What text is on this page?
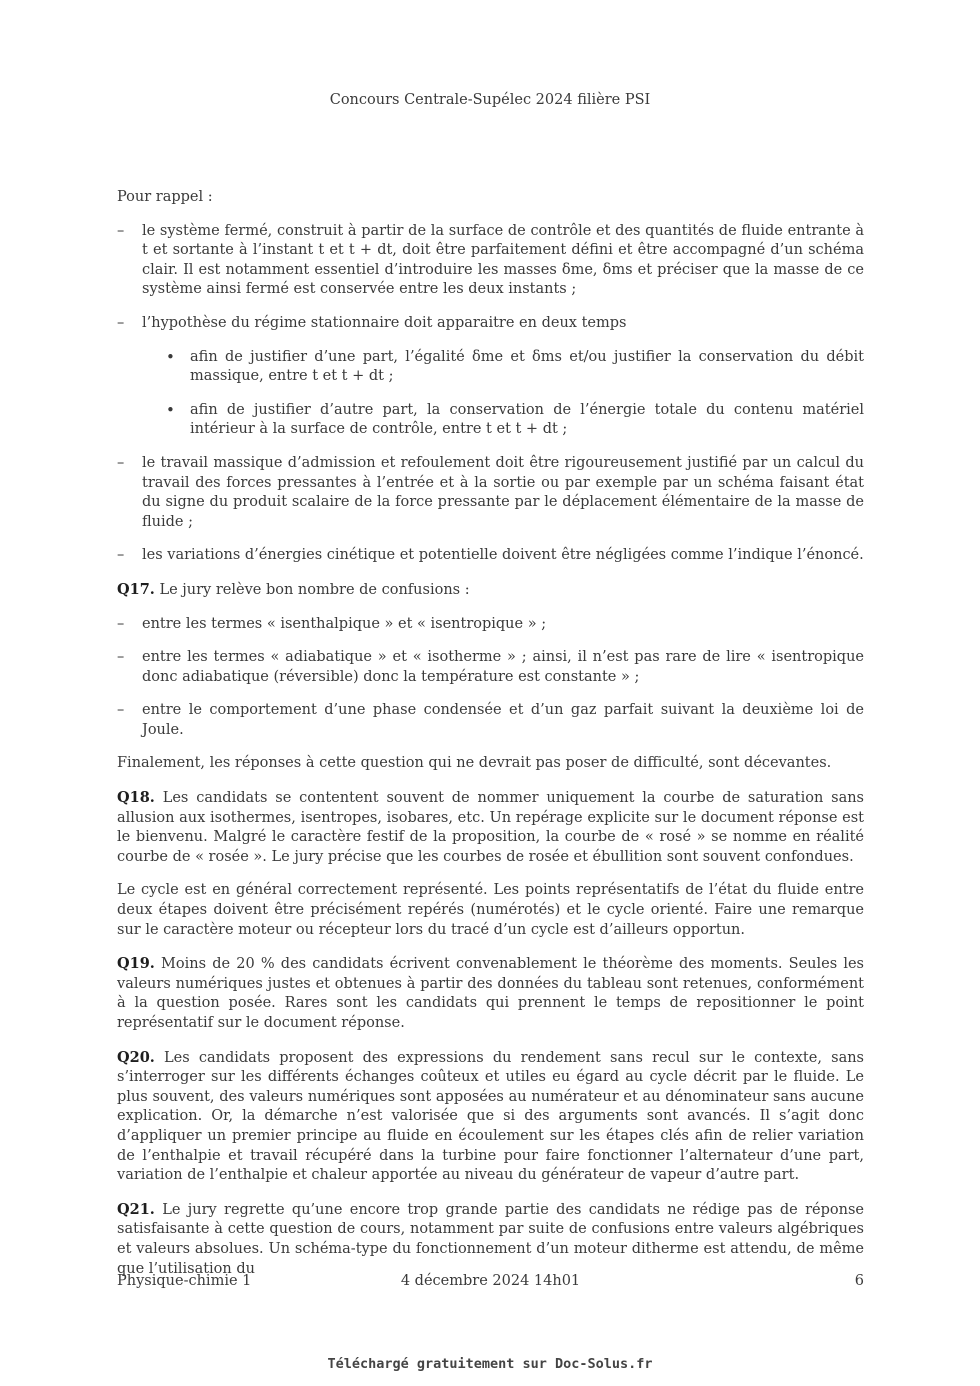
Concours Centrale-Supélec 2024 filière PSI

Pour rappel :

– le système fermé, construit à partir de la surface de contrôle et des quantités de fluide entrante à t et sortante à l’instant t et t + dt, doit être parfaitement défini et être accompagné d’un schéma clair. Il est notamment essentiel d’introduire les masses δme, δms et préciser que la masse de ce système ainsi fermé est conservée entre les deux instants ;
– l’hypothèse du régime stationnaire doit apparaitre en deux temps
• afin de justifier d’une part, l’égalité δme et δms et/ou justifier la conservation du débit massique, entre t et t + dt ;
• afin de justifier d’autre part, la conservation de l’énergie totale du contenu matériel intérieur à la surface de contrôle, entre t et t + dt ;
– le travail massique d’admission et refoulement doit être rigoureusement justifié par un calcul du travail des forces pressantes à l’entrée et à la sortie ou par exemple par un schéma faisant état du signe du produit scalaire de la force pressante par le déplacement élémentaire de la masse de fluide ;
– les variations d’énergies cinétique et potentielle doivent être négligées comme l’indique l’énoncé.

Q17. Le jury relève bon nombre de confusions :

– entre les termes « isenthalpique » et « isentropique » ;
– entre les termes « adiabatique » et « isotherme » ; ainsi, il n’est pas rare de lire « isentropique donc adiabatique (réversible) donc la température est constante » ;
– entre le comportement d’une phase condensée et d’un gaz parfait suivant la deuxième loi de Joule.

Finalement, les réponses à cette question qui ne devrait pas poser de difficulté, sont décevantes.

Q18. Les candidats se contentent souvent de nommer uniquement la courbe de saturation sans allusion aux isothermes, isentropes, isobares, etc. Un repérage explicite sur le document réponse est le bienvenu. Malgré le caractère festif de la proposition, la courbe de « rosé » se nomme en réalité courbe de « rosée ». Le jury précise que les courbes de rosée et ébullition sont souvent confondues.

Le cycle est en général correctement représenté. Les points représentatifs de l’état du fluide entre deux étapes doivent être précisément repérés (numérotés) et le cycle orienté. Faire une remarque sur le caractère moteur ou récepteur lors du tracé d’un cycle est d’ailleurs opportun.

Q19. Moins de 20 % des candidats écrivent convenablement le théorème des moments. Seules les valeurs numériques justes et obtenues à partir des données du tableau sont retenues, conformément à la question posée. Rares sont les candidats qui prennent le temps de repositionner le point représentatif sur le document réponse.

Q20. Les candidats proposent des expressions du rendement sans recul sur le contexte, sans s’interroger sur les différents échanges coûteux et utiles eu égard au cycle décrit par le fluide. Le plus souvent, des valeurs numériques sont apposées au numérateur et au dénominateur sans aucune explication. Or, la démarche n’est valorisée que si des arguments sont avancés. Il s’agit donc d’appliquer un premier principe au fluide en écoulement sur les étapes clés afin de relier variation de l’enthalpie et travail récupéré dans la turbine pour faire fonctionner l’alternateur d’une part, variation de l’enthalpie et chaleur apportée au niveau du générateur de vapeur d’autre part.

Q21. Le jury regrette qu’une encore trop grande partie des candidats ne rédige pas de réponse satisfaisante à cette question de cours, notamment par suite de confusions entre valeurs algébriques et valeurs absolues. Un schéma-type du fonctionnement d’un moteur ditherme est attendu, de même que l’utilisation du

Physique-chimie 1	4 décembre 2024 14h01	6
Téléchargé gratuitement sur Doc-Solus.fr
